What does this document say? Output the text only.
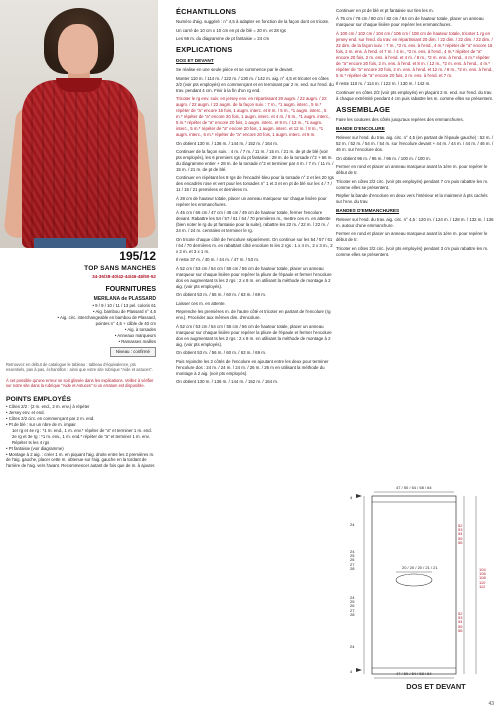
195/12
TOP SANS MANCHES
34-36/38-40/42-44/46-48/50-52
FOURNITURES
MERILANA de PLASSARD

• 9 / 9 / 10 / 11 / 13 pel. coloris 61

• Aig. bambou de Plassard n° 4,5

• Aig. circ. interchangeable en bambou de Plassard,

pointes n° 4,5 + câble de 40 cm

• Aig. à torsades

• Anneaux marqueurs

• Ramasses mailles

Niveau : confirmé

Retrouvez en début de catalogue le tableau : tableau d'équivalence, pts essentiels, pas à pas, échantillon : ainsi que votre site rubrique "Aide et astuces".

À cet possible qu'une erreur se soit glissée dans les explications. Veillez à vérifier sur notre site dans la rubrique "Aide et Astuces" si un erratum est disponible.

POINTS EMPLOYÉS
• Côtes 2/2 : (2 m. end., 2 m. env.) à répéter
• Jersey env. et end.
• Côtes 2/2 circ. en commençant par 2 m. end.
• Pt de blé : sur un nbre de m. impair
1er rg et 4e rg : *1 m. end., 1 m. env.* répéter de "a" et terminer 1 m. end.
2e rg et 3e rg : *1 m. env., 1 m. end.* répéter de "a" et terminer 1 m. env.
Répéter ts les 4 rgs
• Pt fantaisie (voir diagramme)
• Montage à 2 aig. : créer 1 m. en piquant l'aig. droite entre les 2 premières m. de l'aig. gauche, placer cette m. obtenue sur l'aig. gauche en la tordant de l'arrière de l'aig. vers l'avant. Recommencer autant de fois que de m. à ajouter.
ÉCHANTILLONS

Numéro d'aig. suggéré : n° 4,5 à adapter en fonction de la façon dont on tricote.

Un carré de 10 cm x 10 cm en pt de blé = 20 m. et 28 rgs

Les 66 m. du diagramme de pt fantaisie = 24 cm

EXPLICATIONS
DOS ET DEVANT

Se réalise en une seule pièce et se commence par le devant.

Monter 110 m. / 114 m. / 122 m. / 130 m. / 142 m. aig. n° 4,5 et tricoter en côtes 2/2 (voir pts employés) en commençant et en terminant par 2 m. end. sur l'end. du trav. pendant 4 cm. Finir à la fin d'un rg end.

Tricoter le rg env. suiv. en jersey env. en répartissant 20 augm. / 22 augm. / 22 augm. / 22 augm. / 22 augm. de la façon suiv. : 7 m., *1 augm. interc., 5 m.* répéter de "a" encore 16 fois, 1 augm. interc. et 8 m. / 5 m., *1 augm. interc., 5 m.* répéter de "a" encore 20 fois, 1 augm. interc. et 4 m. / 8 m., *1 augm. interc., 5 m.* répéter de "a" encore 20 fois, 1 augm. interc. et 9 m. / 13 m., *1 augm. interc., 5 m.* répéter de "a" encore 20 fois, 1 augm. interc. et 12 m. / 8 m., *1 augm. interc., 6 m.* répéter de "a" encore 20 fois, 1 augm. interc. et 8 m.

On obtient 130 m. / 136 m. / 144 m. / 152 m. / 164 m.

Continuer de la façon suiv. : 4 m. / 7 m. / 11 m. / 15 m. / 21 m. de pt de blé (voir pts employés), les 6 premiers rgs du pt fantaisie : 28 m. de la torsade n°2 + 66 m. du diagramme entier + 28 m. de la torsade n°2 et terminer par 4 m. / 7 m. / 11 m. / 15 m. / 21 m. de pt de blé.

Continuer en répétant les 8 rgs de l'encadré bleu pour la torsade n° 2 et les 20 rgs des encadrés rose et vert pour les torsades n° 1 et 3 et en pt de blé sur les 4 / 7 / 11 / 15 / 21 premières et dernières m.

À 28 cm de hauteur totale, placer un anneau marqueur sur chaque lisière pour repérer les emmanchures.

À 45 cm / 66 cm / 47 cm / 48 cm / 49 cm de hauteur totale, fermer l'encolure devant. Rabattre les 54 / 57 / 61 / 64 / 70 premières m., mettre ces m. en attente (bien noter le rg du pt fantaisie pour la suite), rabattre les 22 m. / 22 m. / 22 m. / 24 m. / 24 m. centrales et terminer le rg.

On tricote chaque côté de l'encolure séparément. On continue sur les 54 / 57 / 61 / 64 / 70 dernières m. en rabattant côté encolure ts les 2 rgs : 1 x 4 m., 2 x 3 m., 2 x 2 m. et 3 x 1 m.

Il reste 37 m. / 40 m. / 44 m. / 47 m. / 53 m.

À 52 cm / 53 cm / 54 cm / 55 cm / 56 cm de hauteur totale, placer un anneau marqueur sur chaque lisière pour repérer la pliure de l'épaule et fermer l'encolure dos en augmentant ts les 2 rgs : 2 x 8 m. en utilisant la méthode de montage à 2 aig. (voir pts employés).

On obtient 53 m. / 56 m. / 60 m. / 63 m. / 69 m.

Laisser ces m. en attente.

Reprendre les premières m. de l'autre côté et tricoter en partant de l'encolure (rg env.). Procéder aux mêmes dim. d'encolure.

À 52 cm / 53 cm / 54 cm / 55 cm / 56 cm de hauteur totale, placer un anneau marqueur sur chaque lisière pour repérer la pliure de l'épaule et fermer l'encolure dos en augmentant ts les 2 rgs : 2 x 8 m. en utilisant la méthode de montage à 2 aig. (voir pts employés).

On obtient 53 m. / 56 m. / 60 m. / 63 m. / 69 m.

Puis rejoindre les 2 côtés de l'encolure en ajoutant entre les deux pour terminer l'encolure dos : 24 m. / 24 m. / 24 m. / 26 m. / 26 m en utilisant la méthode du montage à 2 aig. (voir pts employés).

On obtient 130 m. / 136 m. / 144 m. / 152 m. / 164 m.

Continuer en pt de blé et pt fantaisie sur tles les m.

À 76 cm / 78 cm / 80 cm / 82 cm / 84 cm de hauteur totale, placer un anneau marqueur sur chaque lisière pour repérer les emmanchures.

À 100 cm / 102 cm / 104 cm / 106 cm / 108 cm de hauteur totale, tricoter 1 rg en jersey end. sur l'end. du trav. en répartissant 20 dim. / 22 dim. / 22 dim. / 22 dim. / 22 dim. de la façon suiv. : 7 m., *2 m. ens. à l'end., 4 m.* répéter de "a" encore 16 fois, 2 m. ens. à l'end. et 7 m. / 4 m., *2 m. ens. à l'end., 4 m.* répéter de "a" encore 20 fois, 2 m. ens. à l'end. et 4 m. / 8 m., *2 m. ens. à l'end., 4 m.* répéter de "a" encore 20 fois, 2 m. ens. à l'end. et 8 m. / 12 m., *2 m. ens. à l'end., 4 m.* répéter de "a" encore 20 fois, 2 m. ens. à l'end. et 12 m. / 8 m., *2 m. ens. à l'end., 5 m.* répéter de "a" encore 20 fois, 2 m. ens. à l'end. et 7 m.

Il reste 110 m. / 114 m. / 122 m. / 130 m. / 142 m.

Continuer en côtes 2/2 (voir pts employés) en plaçant 2 m. end. sur l'end. du trav. à chaque extrémité pendant 4 cm puis rabattre les m. comme elles se présentent.

ASSEMBLAGE

Faire les coutures des côtés jusqu'aux repères des emmanchures.

BANDE D'ENCOLURE

Relever sur l'end. du trav. aig. circ. n° 4,5 (en partant de l'épaule gauche) : 52 m. / 52 m. / 52 m. / 54 m. / 54 m. sur l'encolure devant + 44 m. / 44 m. / 44 m. / 46 m. / 46 m. sur l'encolure dos.

On obtient 96 m. / 96 m. / 96 m. / 100 m. / 100 m.

Fermer en rond et placer un anneau marqueur avant la 1ère m. pour repérer le début de tr.

Tricoter en côtes 2/2 circ. (voir pts employés) pendant 7 cm puis rabattre les m. comme elles se présentent.

Replier la bande d'encolure en deux vers l'intérieur et la maintenir à pts cachés sur l'env. du trav.

BANDES D'EMMANCHURES

Relever sur l'end. du trav. aig. circ. n° 4,5 : 120 m. / 124 m. / 128 m. / 132 m. / 136 m. autour d'une emmanchure.

Fermer en rond et placer un anneau marqueur avant la 1ère m. pour repérer le début de tr.

Tricoter en côtes 2/2 circ. (voir pts employés) pendant 3 cm puis rabattre les m. comme elles se présentent.

47 / 50 / 54 / 58 / 64
20 / 20 / 20 / 21 / 21
47 / 50 / 54 / 58 / 64
4
4
24
24
25
26
27
28
24
25
26
27
28
24
52
53
54
55
56
104
106
108
110
112
52
53
54
55
56
DOS ET DEVANT
43
